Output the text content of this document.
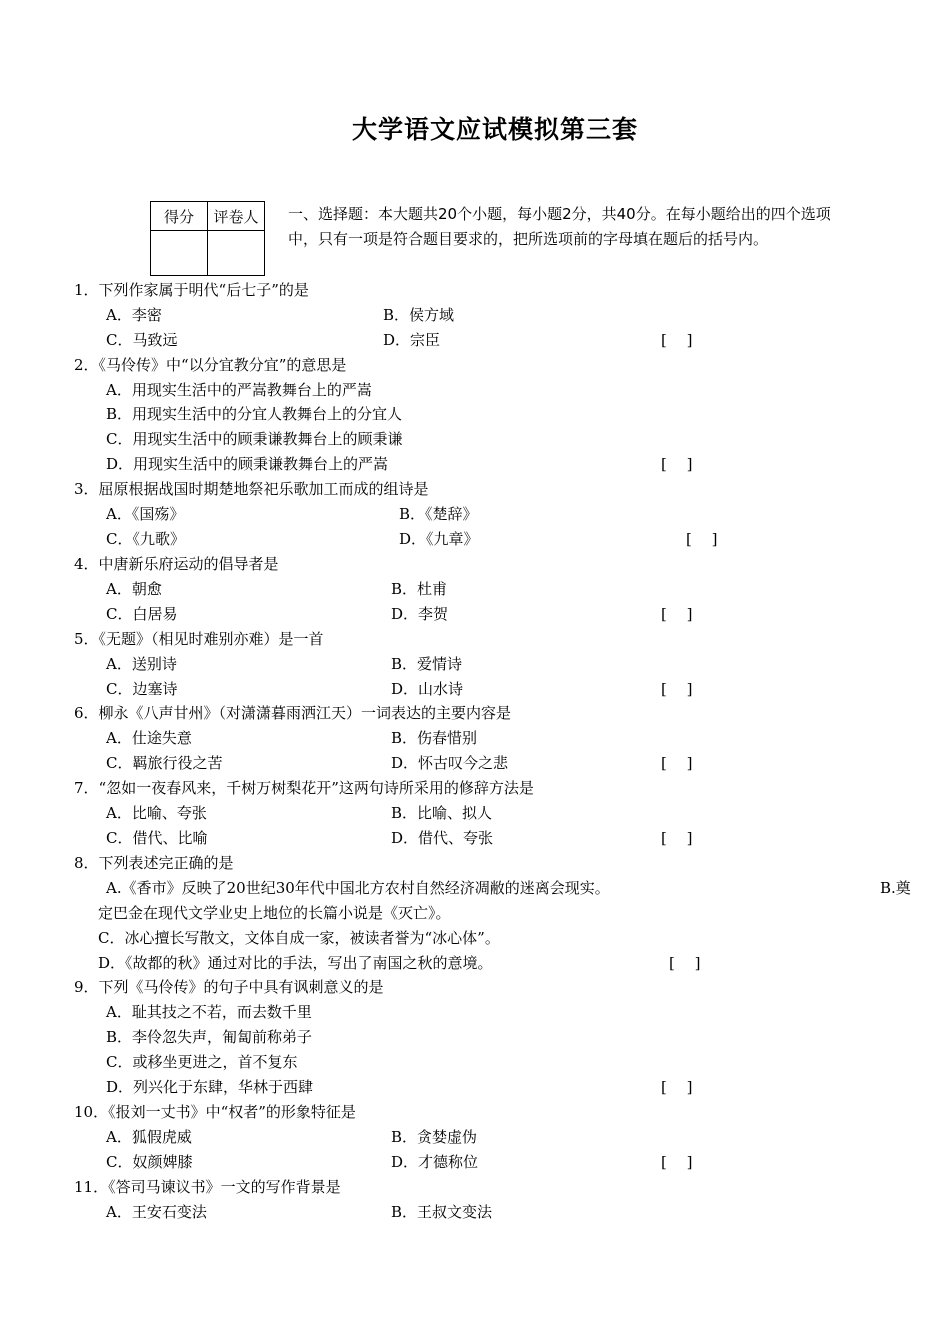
大学语文应试模拟第三套
得分	评卷人
	一、选择题：本大题共20个小题，每小题2分，共40分。在每小题给出的四个选项中，只有一项是符合题目要求的，把所选项前的字母填在题后的括号内。
1．下列作家属于明代“后七子”的是
A．李密	B．侯方域
C．马致远	D．宗臣	[　 ]
2．《马伶传》中“以分宜教分宜”的意思是
A．用现实生活中的严嵩教舞台上的严嵩
B．用现实生活中的分宜人教舞台上的分宜人
C．用现实生活中的顾秉谦教舞台上的顾秉谦
D．用现实生活中的顾秉谦教舞台上的严嵩	[　 ]
3．屈原根据战国时期楚地祭祀乐歌加工而成的组诗是
A．《国殇》	B．《楚辞》
C．《九歌》	D．《九章》	[　 ]
4．中唐新乐府运动的倡导者是
A．朝愈	B．杜甫
C．白居易	D．李贺	[　 ]
5．《无题》（相见时难别亦难）是一首
A．送别诗	B．爱情诗
C．边塞诗	D．山水诗	[　 ]
6．柳永《八声甘州》（对潇潇暮雨洒江天）一词表达的主要内容是
A．仕途失意	B．伤春惜别
C．羁旅行役之苦	D．怀古叹今之悲	[　 ]
7．“忽如一夜春风来，千树万树梨花开”这两句诗所采用的修辞方法是
A．比喻、夸张	B．比喻、拟人
C．借代、比喻	D．借代、夸张	[　 ]
8．下列表述完正确的是
A.《香市》反映了20世纪30年代中国北方农村自然经济凋敝的迷离会现实。	B.奠
定巴金在现代文学业史上地位的长篇小说是《灭亡》。
C．冰心擅长写散文，文体自成一家，被读者誉为“冰心体”。
D．《故都的秋》通过对比的手法，写出了南国之秋的意境。	[　 ]
9．下列《马伶传》的句子中具有讽刺意义的是
A．耻其技之不若，而去数千里
B．李伶忽失声，匍匐前称弟子
C．或移坐更进之，首不复东
D．列兴化于东肆，华林于西肆	[　 ]
10．《报刘一丈书》中“权者”的形象特征是
A．狐假虎威	B．贪婪虚伪
C．奴颜婢膝	D．才德称位	[　 ]
11．《答司马谏议书》一文的写作背景是
A．王安石变法	B．王叔文变法
